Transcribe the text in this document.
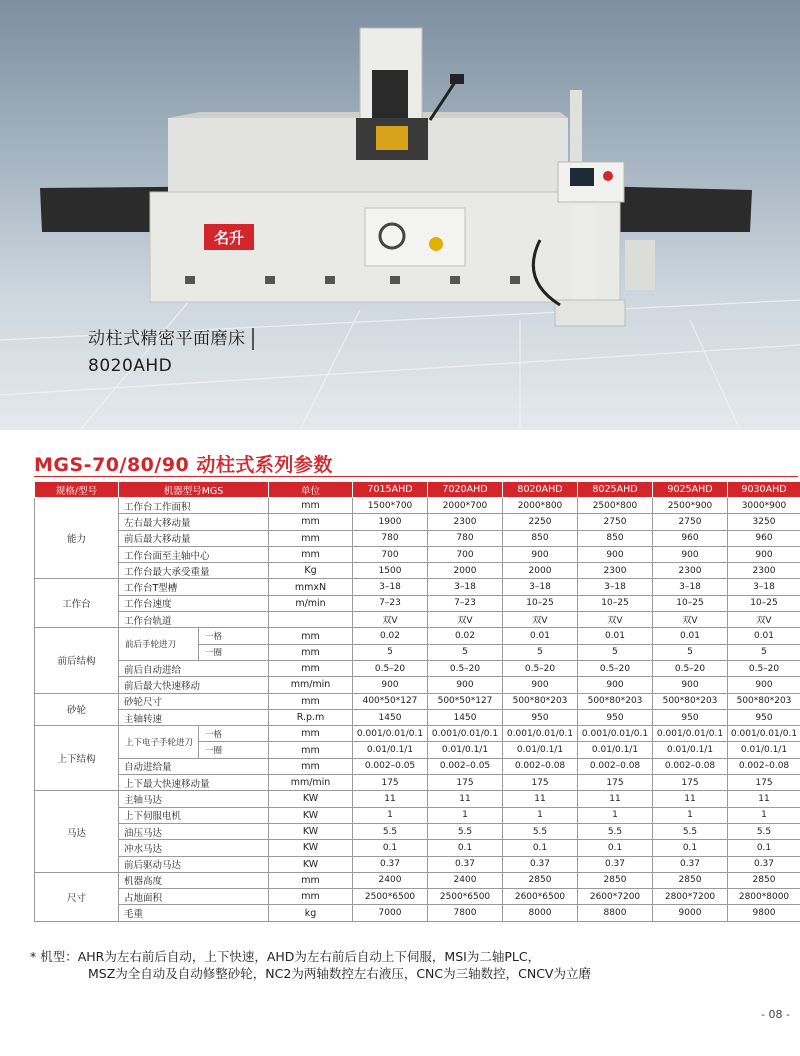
名升
动柱式精密平面磨床
8020AHD
MGS-70/80/90 动柱式系列参数
规格/型号	机器型号MGS		单位	7015AHD	7020AHD	8020AHD	8025AHD	9025AHD	9030AHD
能力	工作台工作面积		mm	1500*700	2000*700	2000*800	2500*800	2500*900	3000*900
	左右最大移动量		mm	1900	2300	2250	2750	2750	3250
	前后最大移动量		mm	780	780	850	850	960	960
	工作台面至主轴中心		mm	700	700	900	900	900	900
	工作台最大承受重量		Kg	1500	2000	2000	2300	2300	2300
工作台	工作台T型槽		mmxN	3–18	3–18	3–18	3–18	3–18	3–18
	工作台速度		m/min	7–23	7–23	10–25	10–25	10–25	10–25
	工作台轨道			双V	双V	双V	双V	双V	双V
前后结构	前后手轮进刀	一格	mm	0.02	0.02	0.01	0.01	0.01	0.01
		一圈	mm	5	5	5	5	5	5
	前后自动进给		mm	0.5–20	0.5–20	0.5–20	0.5–20	0.5–20	0.5–20
	前后最大快速移动		mm/min	900	900	900	900	900	900
砂轮	砂轮尺寸		mm	400*50*127	500*50*127	500*80*203	500*80*203	500*80*203	500*80*203
	主轴转速		R.p.m	1450	1450	950	950	950	950
上下结构	上下电子手轮进刀	一格	mm	0.001/0.01/0.1	0.001/0.01/0.1	0.001/0.01/0.1	0.001/0.01/0.1	0.001/0.01/0.1	0.001/0.01/0.1
		一圈	mm	0.01/0.1/1	0.01/0.1/1	0.01/0.1/1	0.01/0.1/1	0.01/0.1/1	0.01/0.1/1
	自动进给量		mm	0.002–0.05	0.002–0.05	0.002–0.08	0.002–0.08	0.002–0.08	0.002–0.08
	上下最大快速移动量		mm/min	175	175	175	175	175	175
马达	主轴马达		KW	11	11	11	11	11	11
	上下伺服电机		KW	1	1	1	1	1	1
	油压马达		KW	5.5	5.5	5.5	5.5	5.5	5.5
	冲水马达		KW	0.1	0.1	0.1	0.1	0.1	0.1
	前后驱动马达		KW	0.37	0.37	0.37	0.37	0.37	0.37
尺寸	机器高度		mm	2400	2400	2850	2850	2850	2850
	占地面积		mm	2500*6500	2500*6500	2600*6500	2600*7200	2800*7200	2800*8000
	毛重		kg	7000	7800	8000	8800	9000	9800
* 机型：AHR为左右前后自动，上下快速，AHD为左右前后自动上下伺服，MSI为二轴PLC，
MSZ为全自动及自动修整砂轮，NC2为两轴数控左右液压，CNC为三轴数控，CNCV为立磨
- 08 -
